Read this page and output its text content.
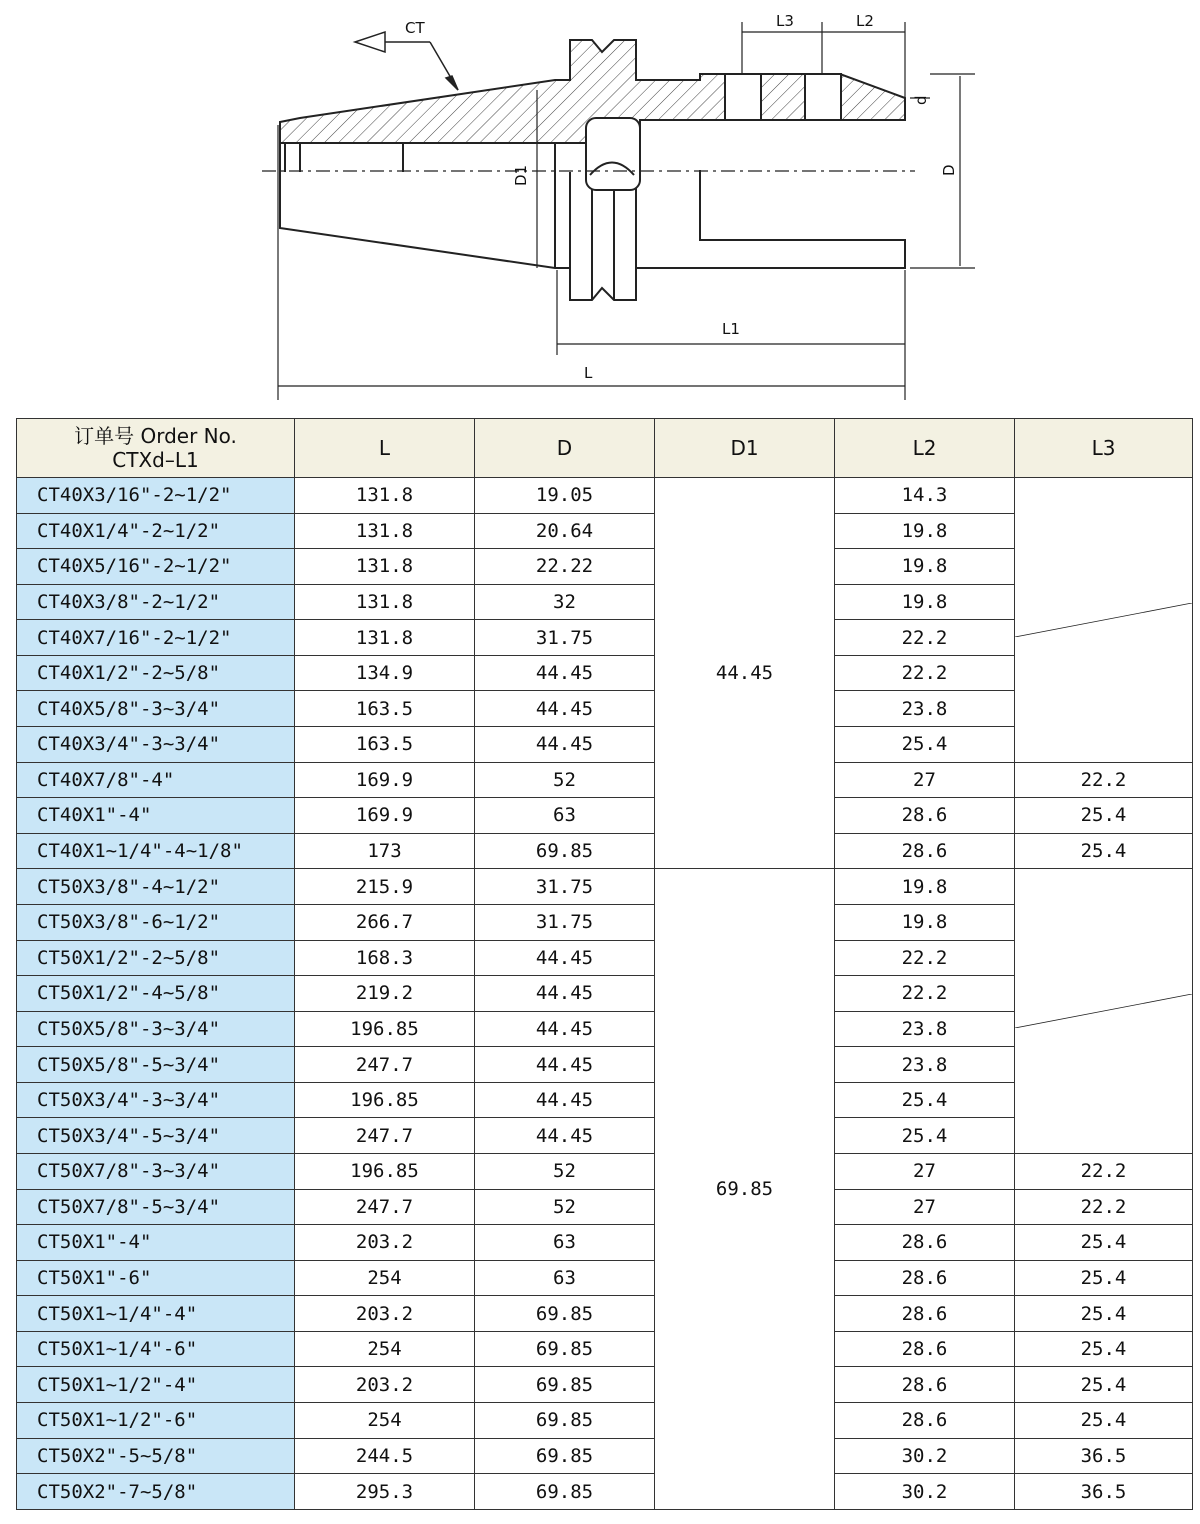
CT	L3	L2
d
D1	D
L1
L
订单号 Order No.
CTXd–L1	L	D	D1	L2	L3
CT40X3/16"-2~1/2"	131.8	19.05	44.45	14.3	

CT40X1/4"-2~1/2"	131.8	20.64		19.8	
CT40X5/16"-2~1/2"	131.8	22.22		19.8	
CT40X3/8"-2~1/2"	131.8	32		19.8	
CT40X7/16"-2~1/2"	131.8	31.75		22.2	
CT40X1/2"-2~5/8"	134.9	44.45		22.2	
CT40X5/8"-3~3/4"	163.5	44.45		23.8	
CT40X3/4"-3~3/4"	163.5	44.45		25.4	
CT40X7/8"-4"	169.9	52		27	22.2
CT40X1"-4"	169.9	63		28.6	25.4
CT40X1~1/4"-4~1/8"	173	69.85		28.6	25.4
CT50X3/8"-4~1/2"	215.9	31.75	69.85	19.8	

CT50X3/8"-6~1/2"	266.7	31.75		19.8	
CT50X1/2"-2~5/8"	168.3	44.45		22.2	
CT50X1/2"-4~5/8"	219.2	44.45		22.2	
CT50X5/8"-3~3/4"	196.85	44.45		23.8	
CT50X5/8"-5~3/4"	247.7	44.45		23.8	
CT50X3/4"-3~3/4"	196.85	44.45		25.4	
CT50X3/4"-5~3/4"	247.7	44.45		25.4	
CT50X7/8"-3~3/4"	196.85	52		27	22.2
CT50X7/8"-5~3/4"	247.7	52		27	22.2
CT50X1"-4"	203.2	63		28.6	25.4
CT50X1"-6"	254	63		28.6	25.4
CT50X1~1/4"-4"	203.2	69.85		28.6	25.4
CT50X1~1/4"-6"	254	69.85		28.6	25.4
CT50X1~1/2"-4"	203.2	69.85		28.6	25.4
CT50X1~1/2"-6"	254	69.85		28.6	25.4
CT50X2"-5~5/8"	244.5	69.85		30.2	36.5
CT50X2"-7~5/8"	295.3	69.85		30.2	36.5
